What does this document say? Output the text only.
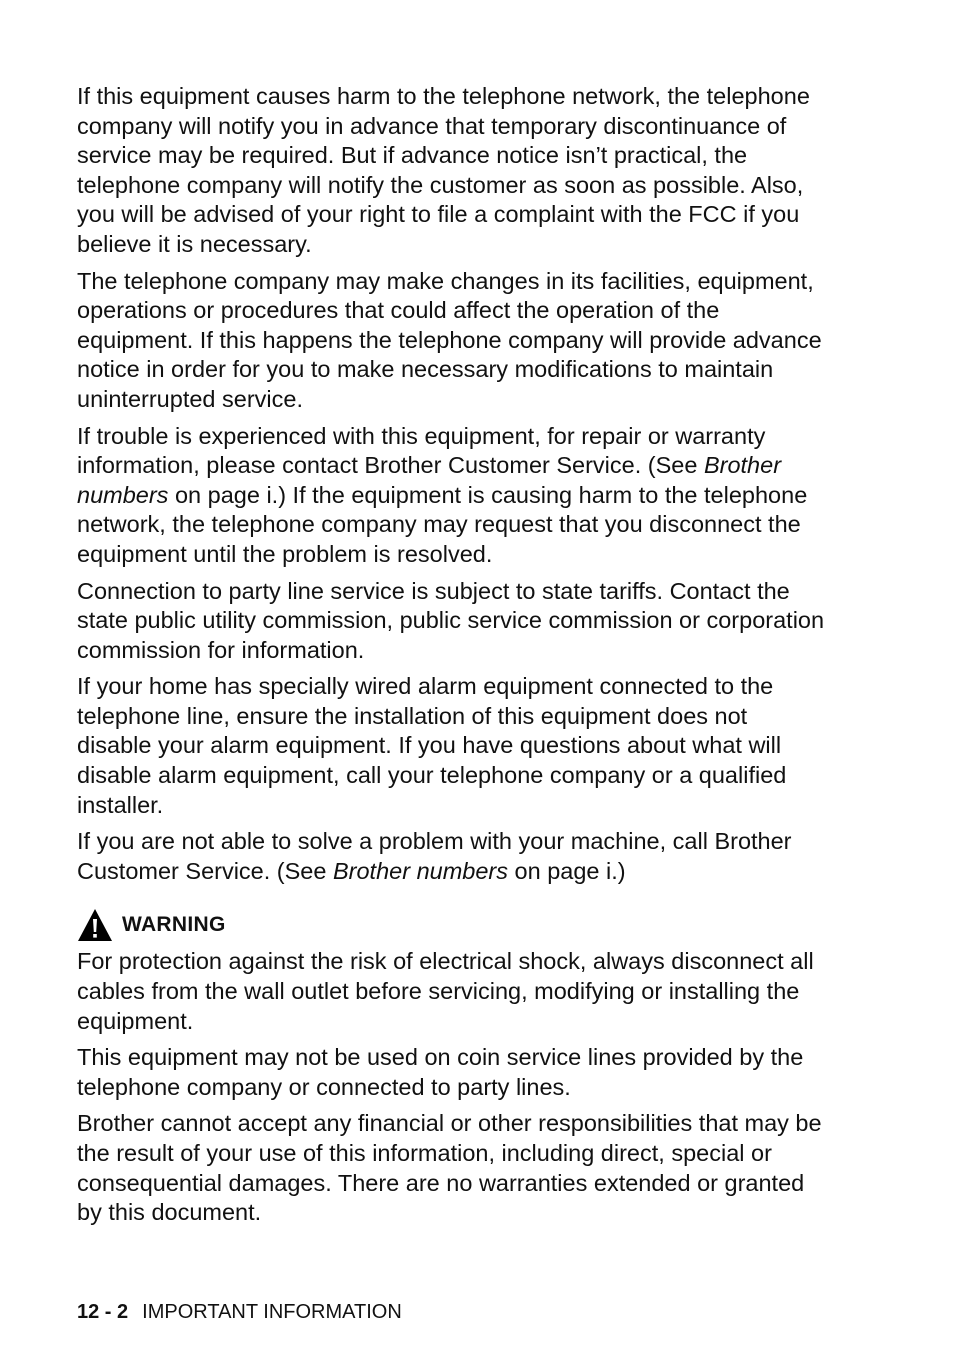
If this equipment causes harm to the telephone network, the telephone company will notify you in advance that temporary discontinuance of service may be required. But if advance notice isn’t practical, the telephone company will notify the customer as soon as possible. Also, you will be advised of your right to file a complaint with the FCC if you believe it is necessary.

The telephone company may make changes in its facilities, equipment, operations or procedures that could affect the operation of the equipment. If this happens the telephone company will provide advance notice in order for you to make necessary modifications to maintain uninterrupted service.

If trouble is experienced with this equipment, for repair or warranty information, please contact Brother Customer Service. (See Brother numbers on page i.) If the equipment is causing harm to the telephone network, the telephone company may request that you disconnect the equipment until the problem is resolved.

Connection to party line service is subject to state tariffs. Contact the state public utility commission, public service commission or corporation commission for information.

If your home has specially wired alarm equipment connected to the telephone line, ensure the installation of this equipment does not disable your alarm equipment. If you have questions about what will disable alarm equipment, call your telephone company or a qualified installer.

If you are not able to solve a problem with your machine, call Brother Customer Service. (See Brother numbers on page i.)

WARNING

For protection against the risk of electrical shock, always disconnect all cables from the wall outlet before servicing, modifying or installing the equipment.

This equipment may not be used on coin service lines provided by the telephone company or connected to party lines.

Brother cannot accept any financial or other responsibilities that may be the result of your use of this information, including direct, special or consequential damages. There are no warranties extended or granted by this document.

12 - 2 IMPORTANT INFORMATION
